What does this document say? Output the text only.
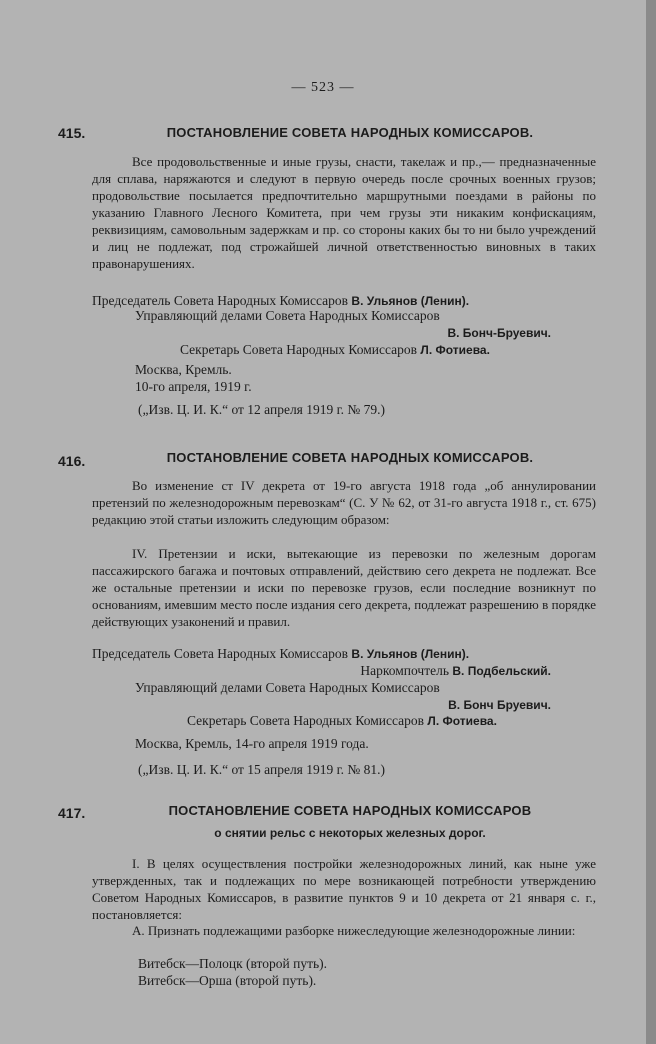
— 523 —
415.	ПОСТАНОВЛЕНИЕ СОВЕТА НАРОДНЫХ КОМИССАРОВ.
Все продовольственные и иные грузы, снасти, такелаж и пр.,— предназначенные для сплава, наряжаются и следуют в первую очередь после срочных военных грузов; продовольствие посылается предпочтительно маршрутными поездами в районы по указанию Главного Лесного Комитета, при чем грузы эти никаким конфискациям, реквизициям, самовольным задержкам и пр. со стороны каких бы то ни было учреждений и лиц не подлежат, под строжайшей личной ответственностью виновных в таких правонарушениях.
Председатель Совета Народных Комиссаров В. Ульянов (Ленин).
Управляющий делами Совета Народных Комиссаров
В. Бонч-Бруевич.
Секретарь Совета Народных Комиссаров Л. Фотиева.
Москва, Кремль.
10-го апреля, 1919 г.
(„Изв. Ц. И. К.“ от 12 апреля 1919 г. № 79.)
416.	ПОСТАНОВЛЕНИЕ СОВЕТА НАРОДНЫХ КОМИССАРОВ.
Во изменение ст IV декрета от 19-го августа 1918 года „об аннулировании претензий по железнодорожным перевозкам“ (С. У № 62, от 31-го августа 1918 г., ст. 675) редакцию этой статьи изложить следующим образом:
IV. Претензии и иски, вытекающие из перевозки по железным дорогам пассажирского багажа и почтовых отправлений, действию сего декрета не подлежат. Все же остальные претензии и иски по перевозке грузов, если последние возникнут по основаниям, имевшим место после издания сего декрета, подлежат разрешению в порядке действующих узаконений и правил.
Председатель Совета Народных Комиссаров В. Ульянов (Ленин).
Наркомпочтель В. Подбельский.
Управляющий делами Совета Народных Комиссаров
В. Бонч Бруевич.
Секретарь Совета Народных Комиссаров Л. Фотиева.
Москва, Кремль, 14-го апреля 1919 года.
(„Изв. Ц. И. К.“ от 15 апреля 1919 г. № 81.)
417.	ПОСТАНОВЛЕНИЕ СОВЕТА НАРОДНЫХ КОМИССАРОВ
о снятии рельс с некоторых железных дорог.
I. В целях осуществления постройки железнодорожных линий, как ныне уже утвержденных, так и подлежащих по мере возникающей потребности утверждению Советом Народных Комиссаров, в развитие пунктов 9 и 10 декрета от 21 января с. г., постановляется:
А. Признать подлежащими разборке нижеследующие железнодорожные линии:
Витебск—Полоцк (второй путь).
Витебск—Орша (второй путь).
